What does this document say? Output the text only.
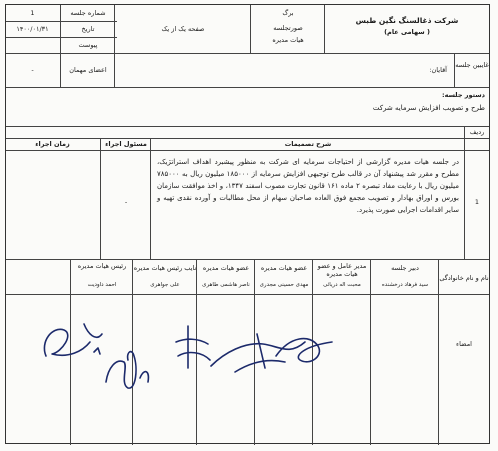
شرکت ذغالسنگ نگین طبس
( سهامی عام)
برگ
صورتجلسه
هیات مدیره
صفحه یک از یک
شماره جلسه
تاریخ
پیوست
1
۱۴۰۰/۰۱/۳۱
غایبین جلسه
آقایان:
اعضای مهمان
-
دستور جلسه:
طرح و تصویب افزایش سرمایه شرکت
ردیف
شرح تصمیمات
مسئول اجراء
زمان اجراء
1
در جلسه هیات مدیره گزارشی از احتیاجات سرمایه ای شرکت به منظور پیشبرد اهداف استراتژیک، مطرح و مقرر شد پیشنهاد آن در قالب طرح توجیهی افزایش سرمایه از ۱۸۵۰۰۰ میلیون ریال به ۷۸۵۰۰۰ میلیون ریال با رعایت مفاد تبصره ۲ ماده ۱۶۱ قانون تجارت مصوب اسفند ۱۳۴۷، و اخذ موافقت سازمان بورس و اوراق بهادار و تصویب مجمع فوق العاده صاحبان سهام از محل مطالبات و آورده نقدی تهیه و سایر اقدامات اجرایی صورت پذیرد.
-
نام و نام خانوادگی
امضاء
دبیر جلسه
سید فرهاد درخشنده
مدیر عامل و عضو هیات مدیره
محبت اله دریائی
عضو هیات مدیره
مهدی حسینی مجدری
عضو هیات مدیره
ناصر هاشمی طاهری
نایب رئیس هیات مدیره
علی جواهری
رئیس هیات مدیره
احمد داودیت
